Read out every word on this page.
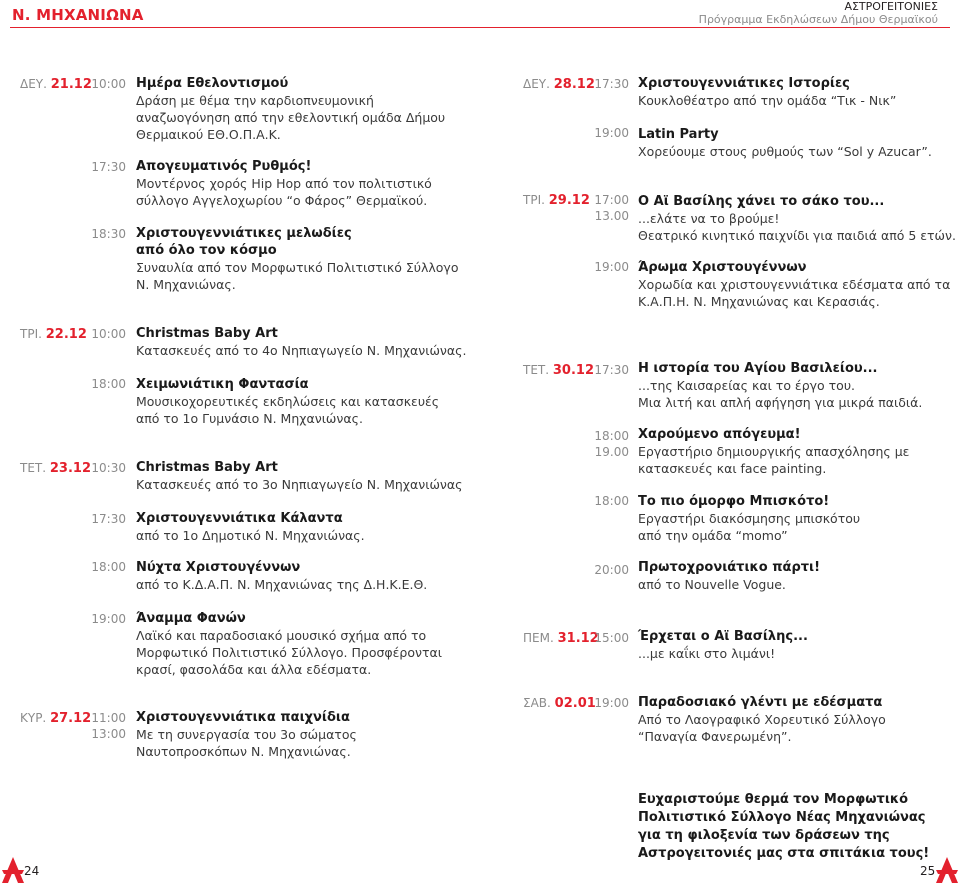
Ν. ΜΗΧΑΝΙΩΝΑ	ΑΣΤΡΟΓΕΙΤΟΝΙΕΣ
Πρόγραμμα Εκδηλώσεων Δήμου Θερμαϊκού
ΔΕΥ. 21.12 10:00 Ημέρα Εθελοντισμού
Δράση με θέμα την καρδιοπνευμονική
αναζωογόνηση από την εθελοντική ομάδα Δήμου
Θερμαικού ΕΘ.Ο.Π.Α.Κ.
17:30 Απογευματινός Ρυθμός!
Μοντέρνος χορός Hip Hop από τον πολιτιστικό
σύλλογο Αγγελοχωρίου “ο Φάρος” Θερμαϊκού.
18:30 Χριστουγεννιάτικες μελωδίες
από όλο τον κόσμο
Συναυλία από τον Μορφωτικό Πολιτιστικό Σύλλογο
Ν. Μηχανιώνας.
ΤΡΙ. 22.12 10:00 Christmas Baby Art
Κατασκευές από το 4ο Νηπιαγωγείο Ν. Μηχανιώνας.
18:00 Χειμωνιάτικη Φαντασία
Μουσικοχορευτικές εκδηλώσεις και κατασκευές
από το 1ο Γυμνάσιο Ν. Μηχανιώνας.
ΤΕΤ. 23.12 10:30 Christmas Baby Art
Κατασκευές από το 3ο Νηπιαγωγείο Ν. Μηχανιώνας
17:30 Χριστουγεννιάτικα Κάλαντα
από το 1ο Δημοτικό Ν. Μηχανιώνας.
18:00 Νύχτα Χριστουγέννων
από το Κ.Δ.Α.Π. Ν. Μηχανιώνας της Δ.Η.Κ.Ε.Θ.
19:00 Άναμμα Φανών
Λαϊκό και παραδοσιακό μουσικό σχήμα από το
Μορφωτικό Πολιτιστικό Σύλλογο. Προσφέρονται
κρασί, φασολάδα και άλλα εδέσματα.
ΚΥΡ. 27.12 11:00
13:00
Χριστουγεννιάτικα παιχνίδια
Με τη συνεργασία του 3ο σώματος
Ναυτοπροσκόπων Ν. Μηχανιώνας.
24
ΔΕΥ. 28.12 17:30 Χριστουγεννιάτικες Ιστορίες
Κουκλοθέατρο από την ομάδα “Τικ - Νικ”
19:00 Latin Party
Χορεύουμε στους ρυθμούς των “Sol y Azucar”.
ΤΡΙ. 29.12 17:00
13.00
Ο Αϊ Βασίλης χάνει το σάκο του...
...ελάτε να το βρούμε!
Θεατρικό κινητικό παιχνίδι για παιδιά από 5 ετών.
19:00 Άρωμα Χριστουγέννων
Χορωδία και χριστουγεννιάτικα εδέσματα από τα
Κ.Α.Π.Η. Ν. Μηχανιώνας και Κερασιάς.
ΤΕΤ. 30.12 17:30 Η ιστορία του Αγίου Βασιλείου...
...της Καισαρείας και το έργο του.
Μια λιτή και απλή αφήγηση για μικρά παιδιά.
18:00
19.00
Χαρούμενο απόγευμα!
Εργαστήριο δημιουργικής απασχόλησης με
κατασκευές και face painting.
18:00 Το πιο όμορφο Μπισκότο!
Εργαστήρι διακόσμησης μπισκότου
από την ομάδα “momo”
20:00 Πρωτοχρονιάτικο πάρτι!
από το Nouvelle Vogue.
ΠΕΜ. 31.12
15:00 Έρχεται ο Αϊ Βασίλης...
...με καΐκι στο λιμάνι!
ΣΑΒ. 02.01
19:00 Παραδοσιακό γλέντι με εδέσματα
Από το Λαογραφικό Χορευτικό Σύλλογο
“Παναγία Φανερωμένη”.
Ευχαριστούμε θερμά τον Μορφωτικό
Πολιτιστικό Σύλλογο Νέας Μηχανιώνας
για τη φιλοξενία των δράσεων της
Αστρογειτονιές μας στα σπιτάκια τους!
25
